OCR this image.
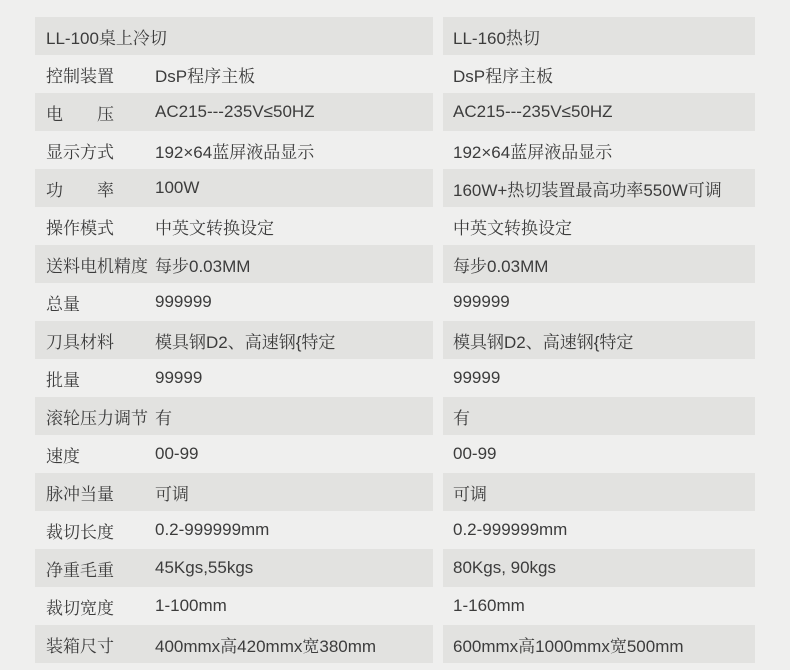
LL-100桌上冷切	LL-160热切
控制装置	DsP程序主板	DsP程序主板
电　　压	AC215---235V≤50HZ	AC215---235V≤50HZ
显示方式	192×64蓝屏液品显示	192×64蓝屏液品显示
功　　率	100W	160W+热切装置最高功率550W可调
操作模式	中英文转换设定	中英文转换设定
送料电机精度 每步0.03MM	每步0.03MM
总量	999999	999999
刀具材料	模具钢D2、高速钢{特定	模具钢D2、高速钢{特定
批量	99999	99999
滚轮压力调节 有	有
速度	00-99	00-99
脉冲当量	可调	可调
裁切长度	0.2-999999mm	0.2-999999mm
净重毛重	45Kgs,55kgs	80Kgs, 90kgs
裁切宽度	1-100mm	1-160mm
装箱尺寸	400mmx高420mmx宽380mm	600mmx高1000mmx宽500mm
